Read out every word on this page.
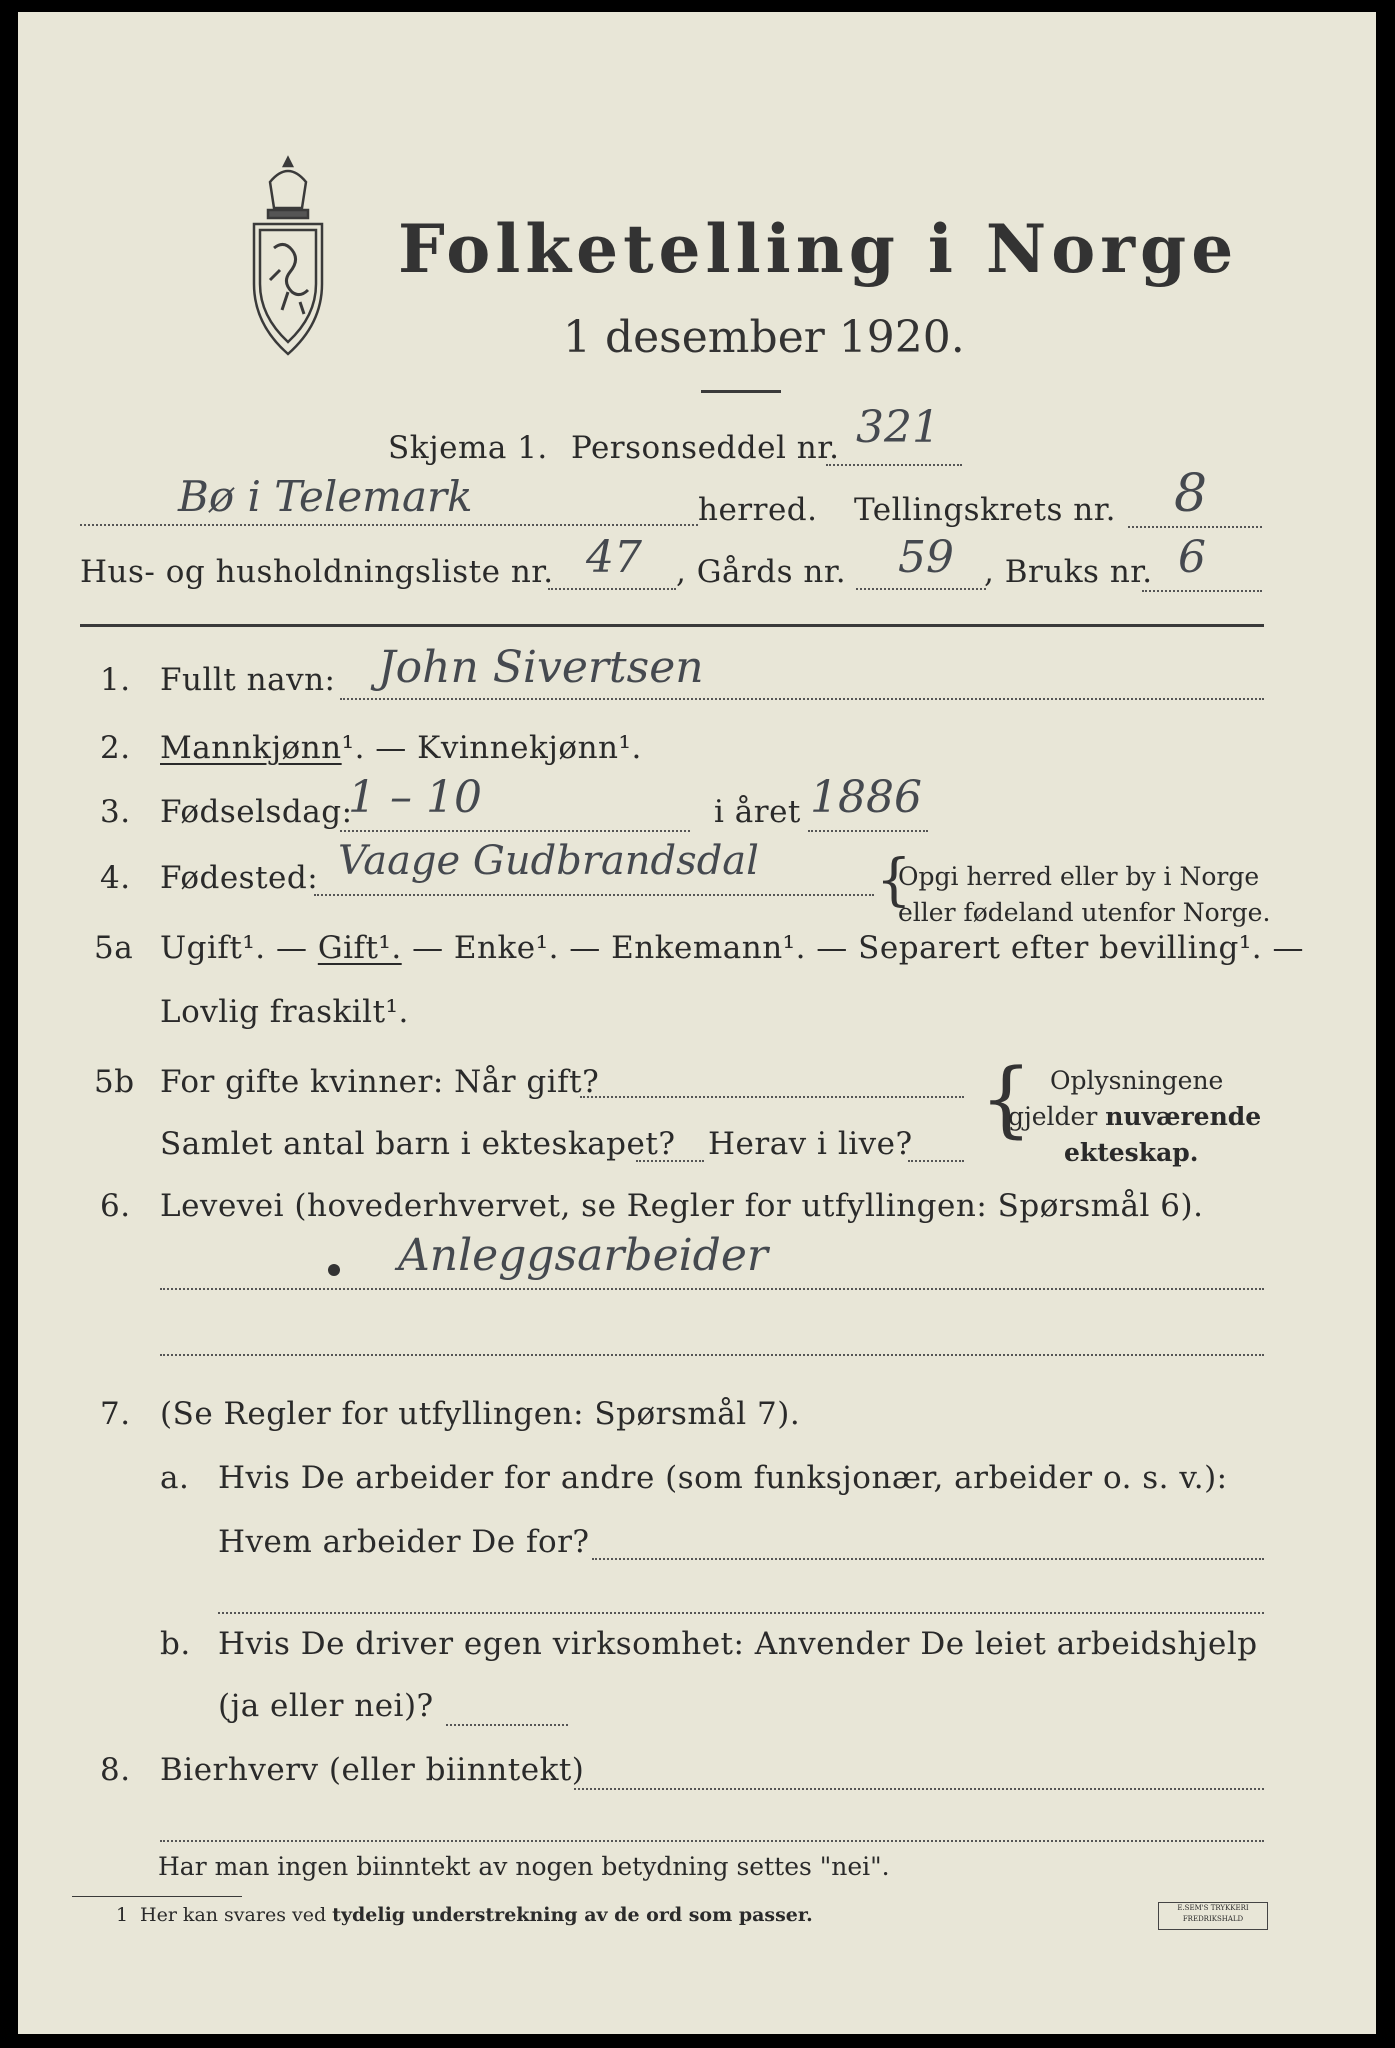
Folketelling i Norge
1 desember 1920.
Skjema 1. Personseddel nr. 321
Bø i Telemark	herred. Tellingskrets nr. 8
Hus- og husholdningsliste nr. 47 , Gårds nr. 59 , Bruks nr. 6
1. Fullt navn: John Sivertsen
2. Mannkjønn¹. — Kvinnekjønn¹.
3. Fødselsdag:
1 – 10	i året 1886
4. Fødested: Vaage Gudbrandsdal {
Opgi herred eller by i Norge
eller fødeland utenfor Norge.
5a Ugift¹. — Gift¹. — Enke¹. — Enkemann¹. — Separert efter bevilling¹. —
Lovlig fraskilt¹.
5b For gifte kvinner: Når gift?
Samlet antal barn i ekteskapet? Herav i live? { Oplysningene
gjelder nuværende
ekteskap.
6. Levevei (hovederhvervet, se Regler for utfyllingen: Spørsmål 6).
Anleggsarbeider
7. (Se Regler for utfyllingen: Spørsmål 7).
a. Hvis De arbeider for andre (som funksjonær, arbeider o. s. v.):
Hvem arbeider De for?
b. Hvis De driver egen virksomhet: Anvender De leiet arbeidshjelp
(ja eller nei)?
8. Bierhverv (eller biinntekt)
Har man ingen biinntekt av nogen betydning settes "nei".
1 Her kan svares ved tydelig understrekning av de ord som passer.	E.SEM'S TRYKKERI
FREDRIKSHALD
